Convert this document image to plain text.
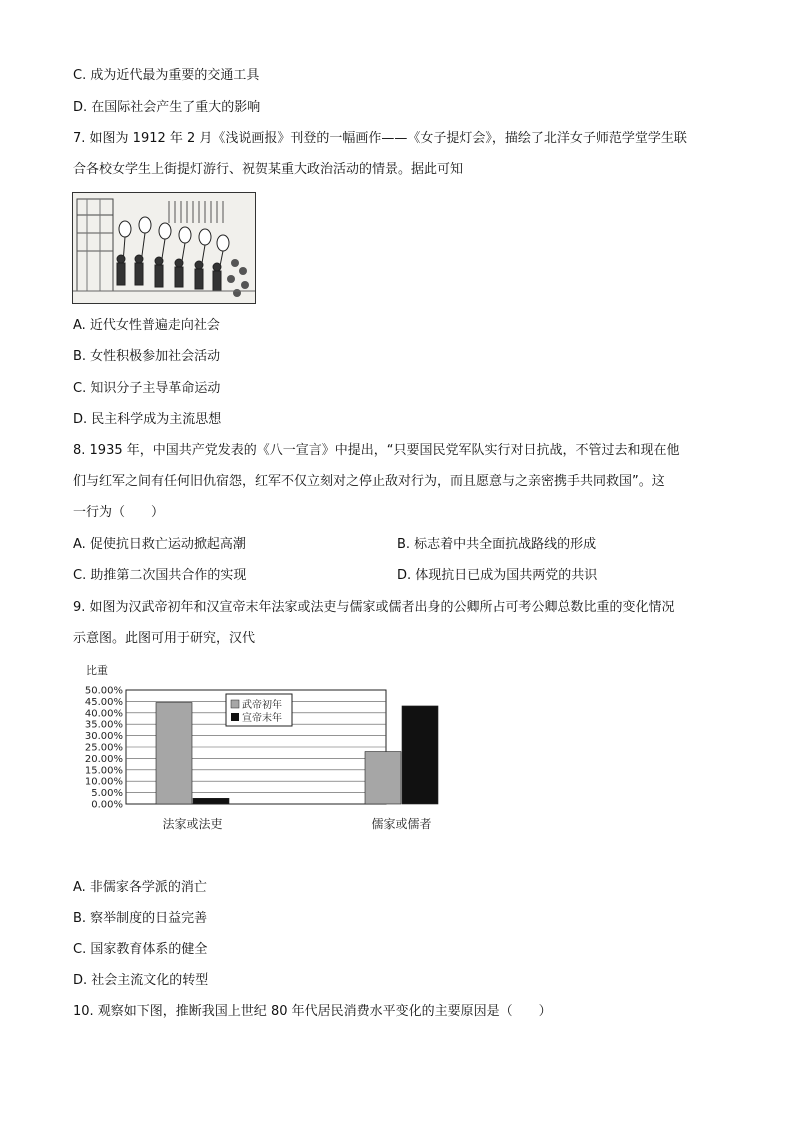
C. 成为近代最为重要的交通工具
D. 在国际社会产生了重大的影响
7. 如图为 1912 年 2 月《浅说画报》刊登的一幅画作——《女子提灯会》，描绘了北洋女子师范学堂学生联
合各校女学生上街提灯游行、祝贺某重大政治活动的情景。据此可知
A. 近代女性普遍走向社会
B. 女性积极参加社会活动
C. 知识分子主导革命运动
D. 民主科学成为主流思想
8. 1935 年，中国共产党发表的《八一宣言》中提出，“只要国民党军队实行对日抗战，不管过去和现在他
们与红军之间有任何旧仇宿怨，红军不仅立刻对之停止敌对行为，而且愿意与之亲密携手共同救国”。这
一行为（　　）
A. 促使抗日救亡运动掀起高潮	B. 标志着中共全面抗战路线的形成
C. 助推第二次国共合作的实现	D. 体现抗日已成为国共两党的共识
9. 如图为汉武帝初年和汉宣帝末年法家或法吏与儒家或儒者出身的公卿所占可考公卿总数比重的变化情况
示意图。此图可用于研究，汉代
比重
0.00%
5.00%
10.00%
15.00%
20.00%
25.00%
30.00%
35.00%
40.00%
45.00%
50.00%
法家或法吏	儒家或儒者
武帝初年
宣帝末年
A. 非儒家各学派的消亡
B. 察举制度的日益完善
C. 国家教育体系的健全
D. 社会主流文化的转型
10. 观察如下图，推断我国上世纪 80 年代居民消费水平变化的主要原因是（　　）
